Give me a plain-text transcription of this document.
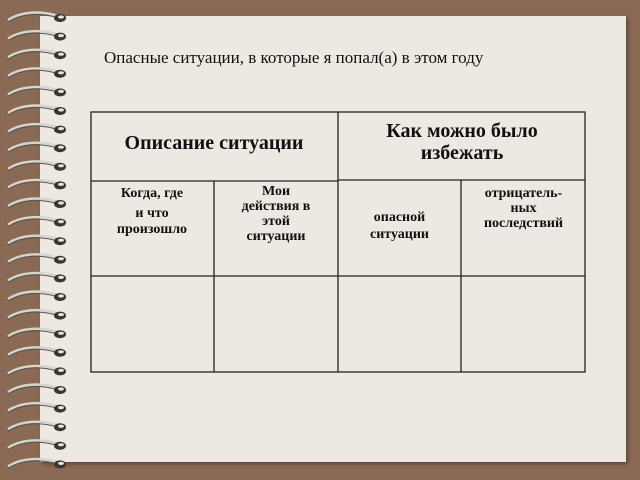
Опасные ситуации, в которые я попал(а) в этом году
Описание ситуации
Как можно было
избежать
Когда, где
и что
произошло
Мои
действия в
этой
ситуации
опасной
ситуации
отрицатель-
ных
последствий
